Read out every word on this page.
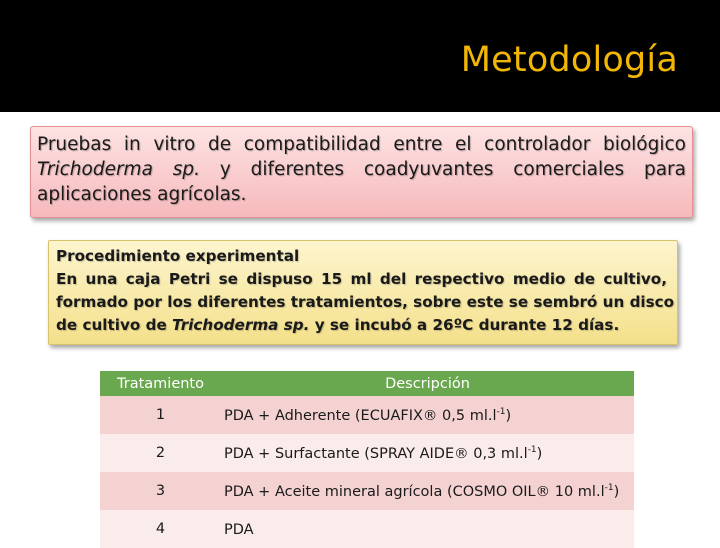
Metodología
Pruebas in vitro de compatibilidad entre el controlador biológico
Trichoderma sp. y diferentes coadyuvantes comerciales para
aplicaciones agrícolas.
Procedimiento experimental
En una caja Petri se dispuso 15 ml del respectivo medio de cultivo,
formado por los diferentes tratamientos, sobre este se sembró un disco
de cultivo de Trichoderma sp. y se incubó a 26ºC durante 12 días.
Tratamiento	Descripción
1	PDA + Adherente (ECUAFIX® 0,5 $ml.l^{-1}$)
2	PDA + Surfactante (SPRAY AIDE® 0,3 $ml.l^{-1}$)
3	PDA + Aceite mineral agrícola (COSMO OIL® 10 $ml.l^{-1}$)
4	PDA
